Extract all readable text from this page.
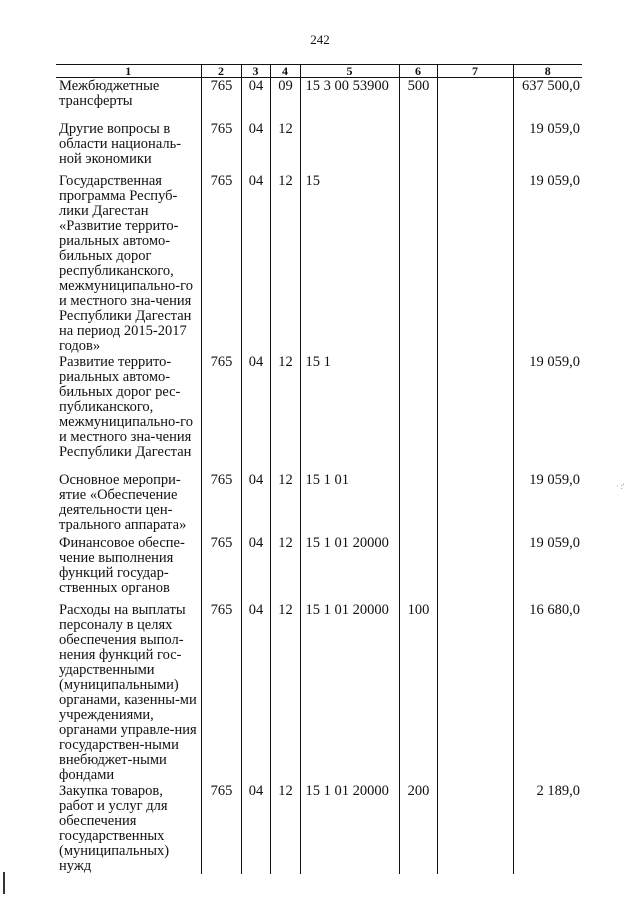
242
1	2	3	4	5	6	7	8
Межбюджетные трансферты	765	04	09	15 3 00 53900	500		637 500,0
Другие вопросы в области националь-ной экономики	765	04	12				19 059,0
Государственная программа Респуб-лики Дагестан «Развитие террито-риальных автомо-бильных дорог республиканского, межмуниципально-го и местного зна-чения Республики Дагестан на период 2015-2017 годов»	765	04	12	15			19 059,0
Развитие террито-риальных автомо-бильных дорог рес-публиканского, межмуниципально-го и местного зна-чения Республики Дагестан	765	04	12	15 1			19 059,0
Основное меропри-ятие «Обеспечение деятельности цен-трального аппарата»	765	04	12	15 1 01			19 059,0
Финансовое обеспе-чение выполнения функций государ-ственных органов	765	04	12	15 1 01 20000			19 059,0
Расходы на выплаты персоналу в целях обеспечения выпол-нения функций гос-ударственными (муниципальными) органами, казенны-ми учреждениями, органами управле-ния государствен-ными внебюджет-ными фондами	765	04	12	15 1 01 20000	100		16 680,0
Закупка товаров, работ и услуг для обеспечения государственных (муниципальных) нужд	765	04	12	15 1 01 20000	200		2 189,0
· :'
